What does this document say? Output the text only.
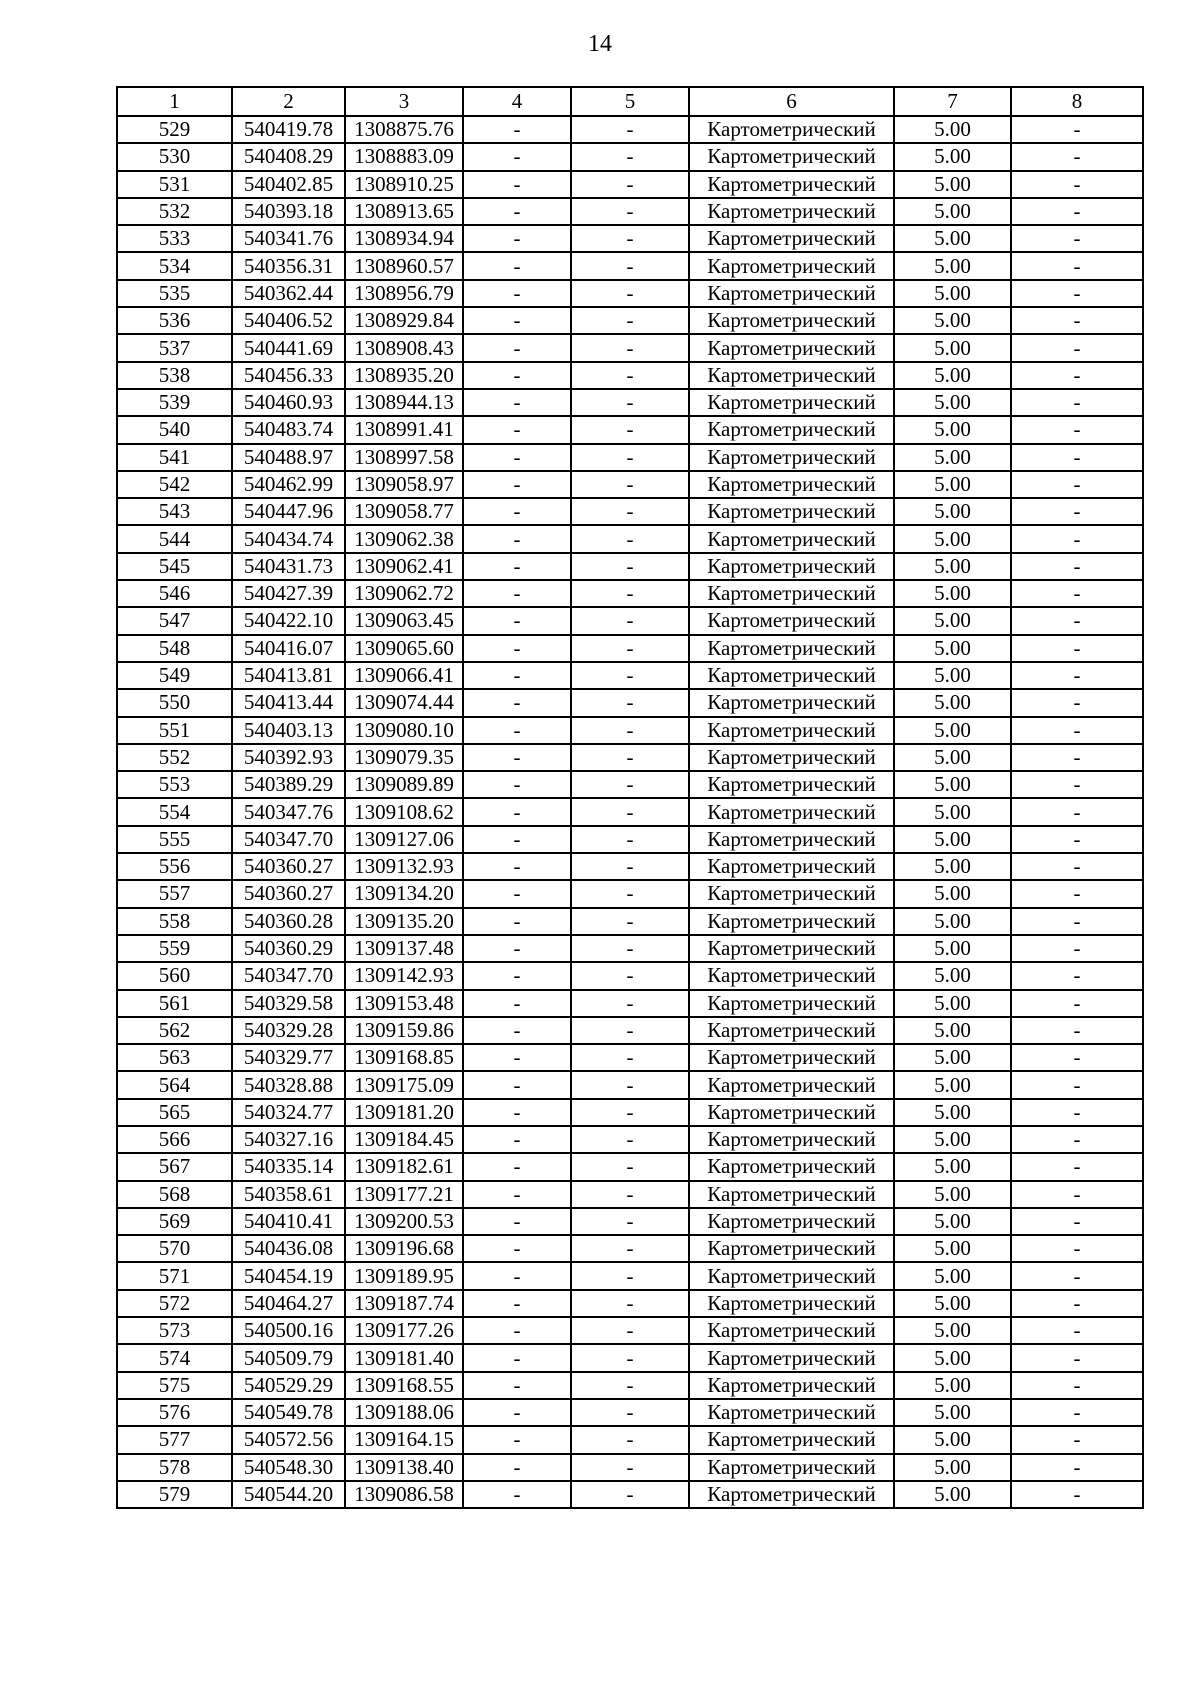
14
1	2	3	4	5	6	7	8
529	540419.78	1308875.76	-	-	Картометрический	5.00	-
530	540408.29	1308883.09	-	-	Картометрический	5.00	-
531	540402.85	1308910.25	-	-	Картометрический	5.00	-
532	540393.18	1308913.65	-	-	Картометрический	5.00	-
533	540341.76	1308934.94	-	-	Картометрический	5.00	-
534	540356.31	1308960.57	-	-	Картометрический	5.00	-
535	540362.44	1308956.79	-	-	Картометрический	5.00	-
536	540406.52	1308929.84	-	-	Картометрический	5.00	-
537	540441.69	1308908.43	-	-	Картометрический	5.00	-
538	540456.33	1308935.20	-	-	Картометрический	5.00	-
539	540460.93	1308944.13	-	-	Картометрический	5.00	-
540	540483.74	1308991.41	-	-	Картометрический	5.00	-
541	540488.97	1308997.58	-	-	Картометрический	5.00	-
542	540462.99	1309058.97	-	-	Картометрический	5.00	-
543	540447.96	1309058.77	-	-	Картометрический	5.00	-
544	540434.74	1309062.38	-	-	Картометрический	5.00	-
545	540431.73	1309062.41	-	-	Картометрический	5.00	-
546	540427.39	1309062.72	-	-	Картометрический	5.00	-
547	540422.10	1309063.45	-	-	Картометрический	5.00	-
548	540416.07	1309065.60	-	-	Картометрический	5.00	-
549	540413.81	1309066.41	-	-	Картометрический	5.00	-
550	540413.44	1309074.44	-	-	Картометрический	5.00	-
551	540403.13	1309080.10	-	-	Картометрический	5.00	-
552	540392.93	1309079.35	-	-	Картометрический	5.00	-
553	540389.29	1309089.89	-	-	Картометрический	5.00	-
554	540347.76	1309108.62	-	-	Картометрический	5.00	-
555	540347.70	1309127.06	-	-	Картометрический	5.00	-
556	540360.27	1309132.93	-	-	Картометрический	5.00	-
557	540360.27	1309134.20	-	-	Картометрический	5.00	-
558	540360.28	1309135.20	-	-	Картометрический	5.00	-
559	540360.29	1309137.48	-	-	Картометрический	5.00	-
560	540347.70	1309142.93	-	-	Картометрический	5.00	-
561	540329.58	1309153.48	-	-	Картометрический	5.00	-
562	540329.28	1309159.86	-	-	Картометрический	5.00	-
563	540329.77	1309168.85	-	-	Картометрический	5.00	-
564	540328.88	1309175.09	-	-	Картометрический	5.00	-
565	540324.77	1309181.20	-	-	Картометрический	5.00	-
566	540327.16	1309184.45	-	-	Картометрический	5.00	-
567	540335.14	1309182.61	-	-	Картометрический	5.00	-
568	540358.61	1309177.21	-	-	Картометрический	5.00	-
569	540410.41	1309200.53	-	-	Картометрический	5.00	-
570	540436.08	1309196.68	-	-	Картометрический	5.00	-
571	540454.19	1309189.95	-	-	Картометрический	5.00	-
572	540464.27	1309187.74	-	-	Картометрический	5.00	-
573	540500.16	1309177.26	-	-	Картометрический	5.00	-
574	540509.79	1309181.40	-	-	Картометрический	5.00	-
575	540529.29	1309168.55	-	-	Картометрический	5.00	-
576	540549.78	1309188.06	-	-	Картометрический	5.00	-
577	540572.56	1309164.15	-	-	Картометрический	5.00	-
578	540548.30	1309138.40	-	-	Картометрический	5.00	-
579	540544.20	1309086.58	-	-	Картометрический	5.00	-
